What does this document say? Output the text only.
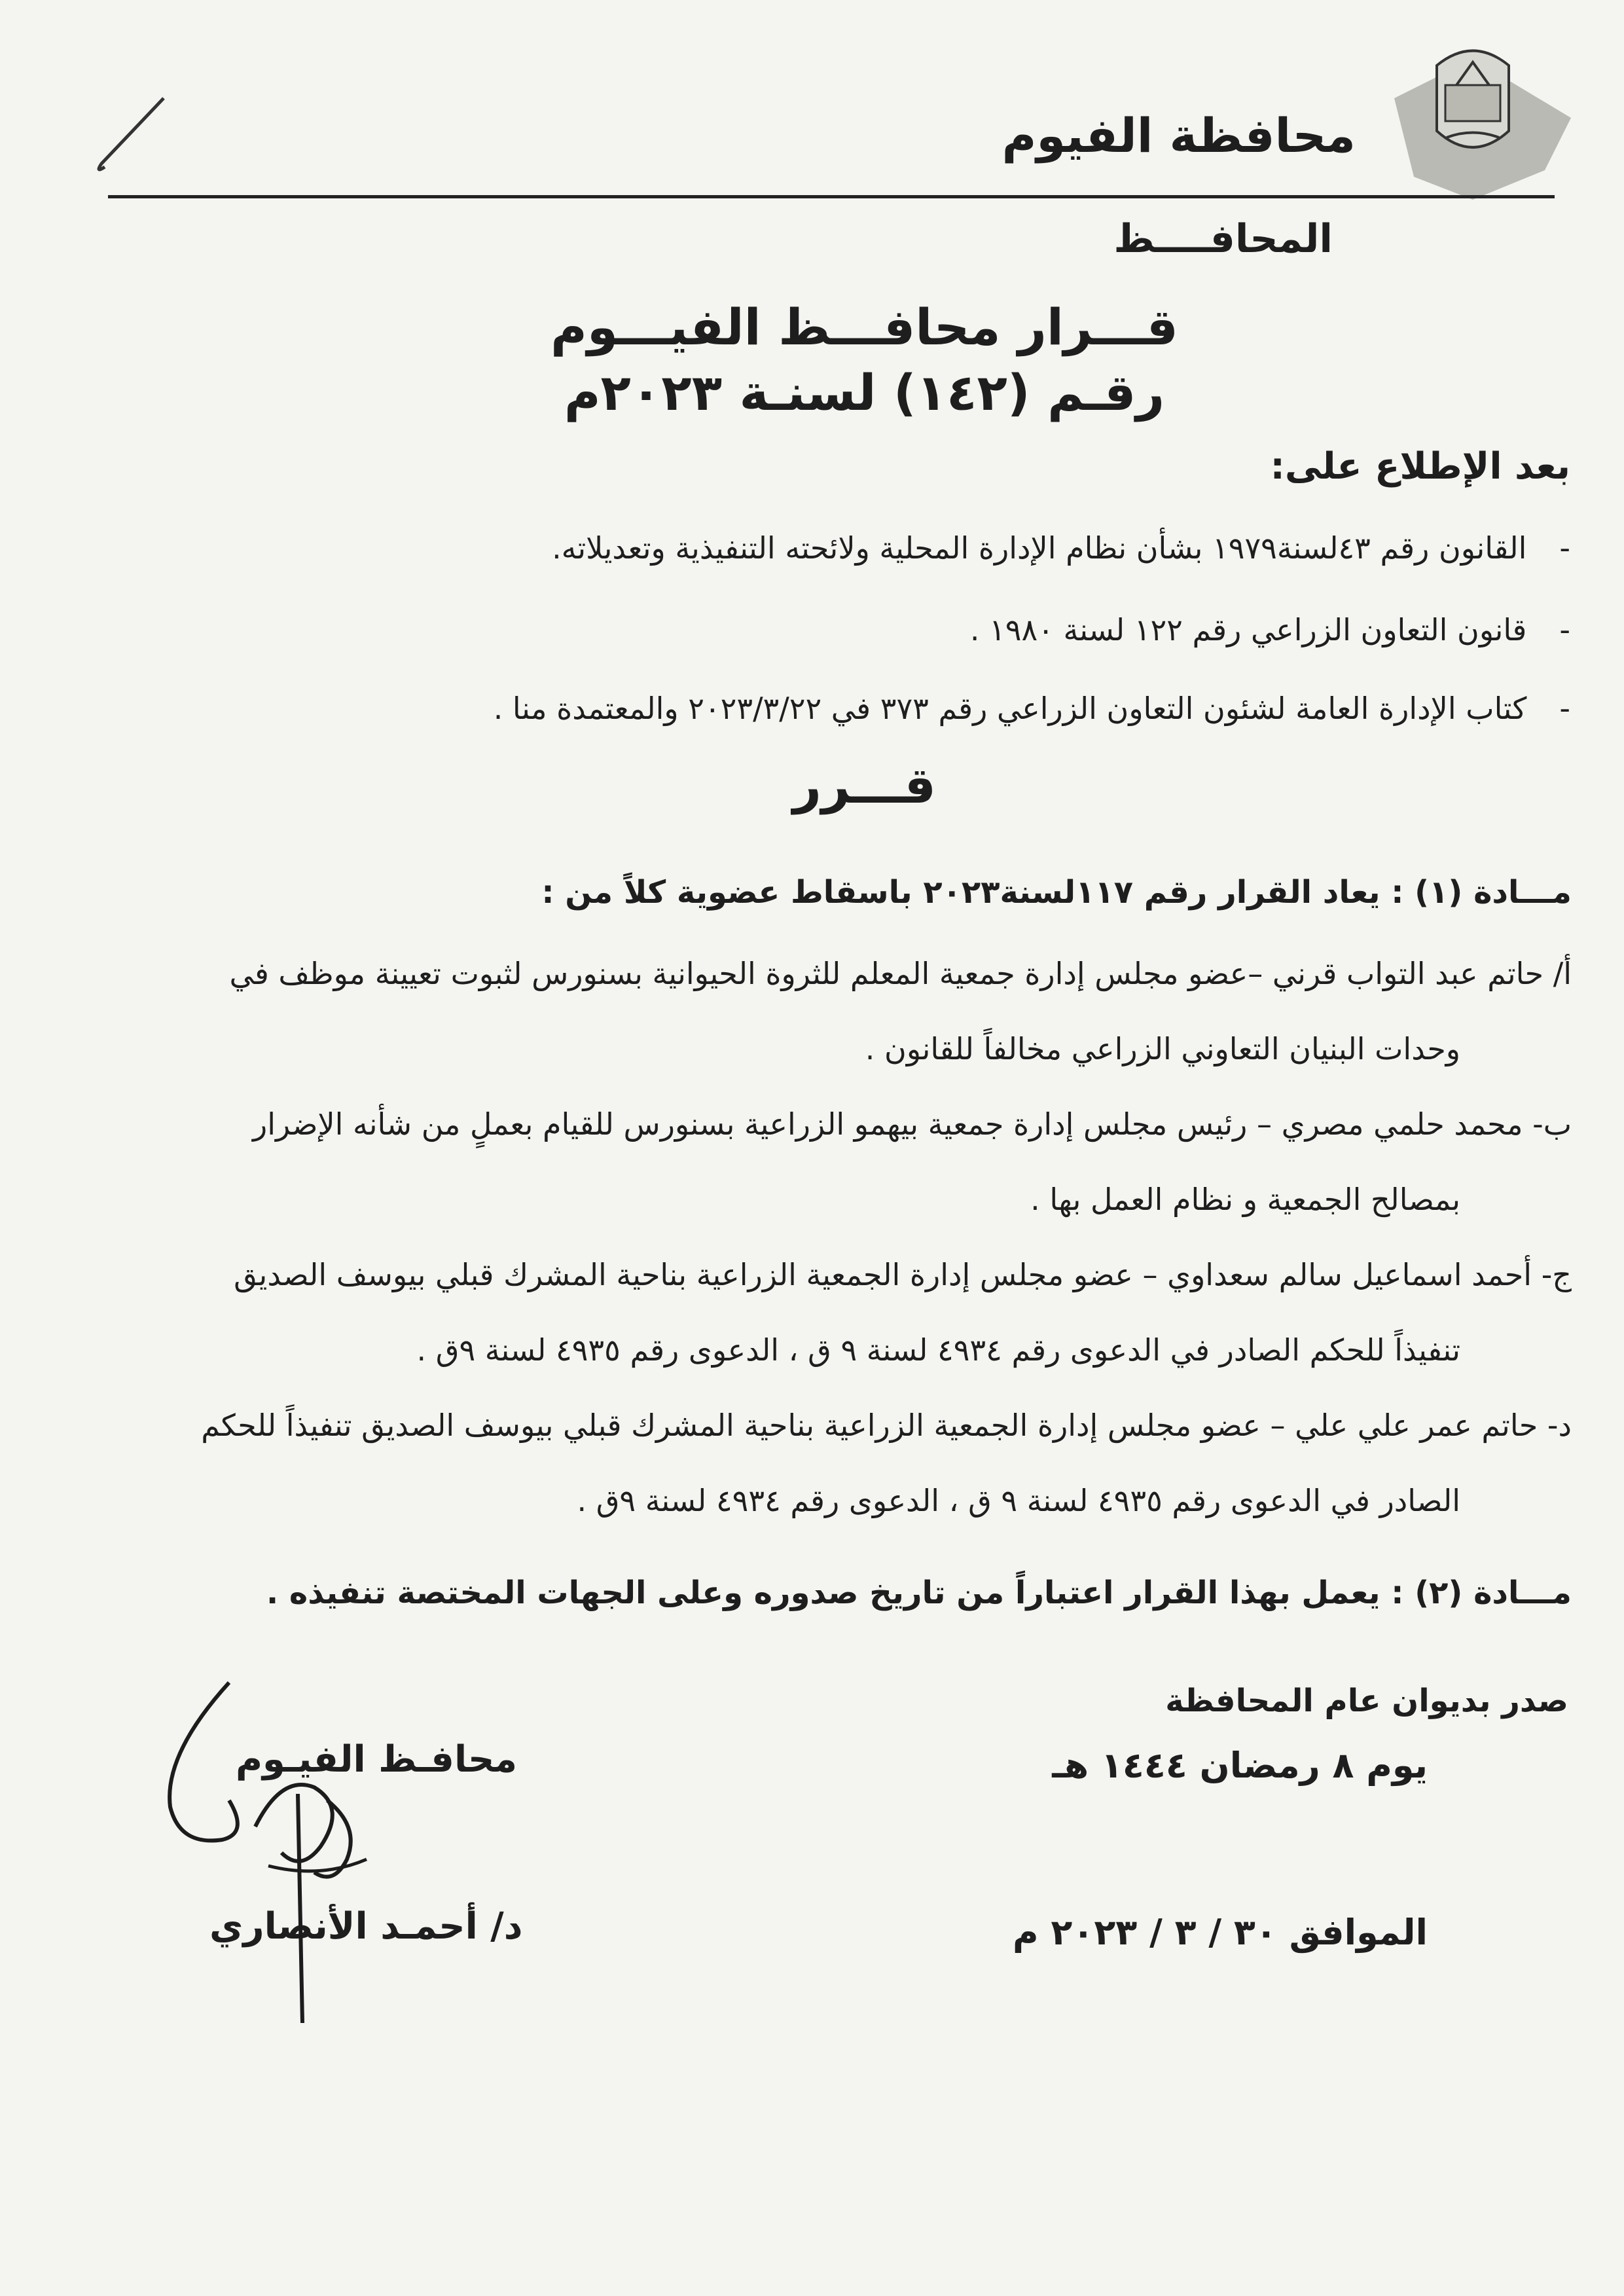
محافظة الفيوم
المحافــــظ
قـــرار محافـــظ الفيـــوم
رقـم (١٤٢) لسنـة ٢٠٢٣م
بعد الإطلاع على:
-القانون رقم ٤٣لسنة١٩٧٩ بشأن نظام الإدارة المحلية ولائحته التنفيذية وتعديلاته.
-قانون التعاون الزراعي رقم ١٢٢ لسنة ١٩٨٠ .
-كتاب الإدارة العامة لشئون التعاون الزراعي رقم ٣٧٣ في ٢٠٢٣/٣/٢٢ والمعتمدة منا .
قـــرر
مـــادة (١) : يعاد القرار رقم ١١٧لسنة٢٠٢٣ باسقاط عضوية كلاً من :
أ/ حاتم عبد التواب قرني –عضو مجلس إدارة جمعية المعلم للثروة الحيوانية بسنورس لثبوت تعيينة موظف في
وحدات البنيان التعاوني الزراعي مخالفاً للقانون .
ب- محمد حلمي مصري – رئيس مجلس إدارة جمعية بيهمو الزراعية بسنورس للقيام بعملٍ من شأنه الإضرار
بمصالح الجمعية و نظام العمل بها .
ج- أحمد اسماعيل سالم سعداوي – عضو مجلس إدارة الجمعية الزراعية بناحية المشرك قبلي بيوسف الصديق
تنفيذاً للحكم الصادر في الدعوى رقم ٤٩٣٤ لسنة ٩ ق ، الدعوى رقم ٤٩٣٥ لسنة ٩ق .
د- حاتم عمر علي علي – عضو مجلس إدارة الجمعية الزراعية بناحية المشرك قبلي بيوسف الصديق تنفيذاً للحكم
الصادر في الدعوى رقم ٤٩٣٥ لسنة ٩ ق ، الدعوى رقم ٤٩٣٤ لسنة ٩ق .
مـــادة (٢) : يعمل بهذا القرار اعتباراً من تاريخ صدوره وعلى الجهات المختصة تنفيذه .
صدر بديوان عام المحافظة
يوم ٨ رمضان ١٤٤٤ هـ
الموافق ٣٠ / ٣ / ٢٠٢٣ م
محافـظ الفيـوم
د/ أحمـد الأنصاري
